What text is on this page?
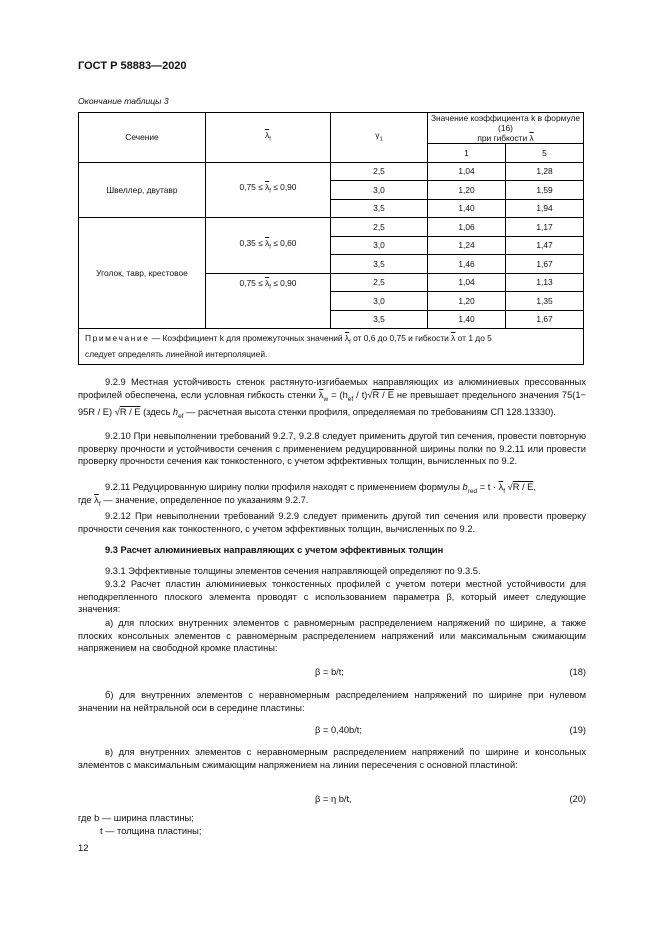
ГОСТ Р 58883—2020
Окончание таблицы 3
Сечение	$\overline{\lambda}_f$	$\gamma_1$	Значение коэффициента k в формуле (16)
при гибкости $\overline{\lambda}$
			1	5
Швеллер, двутавр	$0,75 \le \overline{\lambda}_f \le 0,90$	2,5	1,04	1,28
		3,0	1,20	1,59
		3,5	1,40	1,94
Уголок, тавр, крестовое	$0,35 \le \overline{\lambda}_f \le 0,60$	2,5	1,06	1,17
		3,0	1,24	1,47
		3,5	1,46	1,67
	$0,75 \le \overline{\lambda}_f \le 0,90$	2,5	1,04	1,13
		3,0	1,20	1,35
		3,5	1,40	1,67
Примечание — Коэффициент k для промежуточных значений $\overline{\lambda}_f$ от 0,6 до 0,75 и гибкости $\overline{\lambda}$ от 1 до 5
следует определять линейной интерполяцией.				
9.2.9 Местная устойчивость стенок растянуто-изгибаемых направляющих из алюминиевых прессованных профилей обеспечена, если условная гибкость стенки $\overline{\lambda}_w = (h_{ef} / t)√R / E$ не превышает предельного значения 75(1− 95R / E) √R / E (здесь $h_{ef}$ — расчетная высота стенки профиля, определяемая по требованиям СП 128.13330).
9.2.10 При невыполнении требований 9.2.7, 9.2.8 следует применить другой тип сечения, провести повторную проверку прочности и устойчивости сечения с применением редуцированной ширины полки по 9.2.11 или провести проверку прочности сечения как тонкостенного, с учетом эффективных толщин, вычисленных по 9.2.
9.2.11 Редуцированную ширину полки профиля находят с применением формулы $b_{red} = t \cdot \overline{\lambda}_f$ √R / E,
где $\overline{\lambda}_f$ — значение, определенное по указаниям 9.2.7.
9.2.12 При невыполнении требований 9.2.9 следует применить другой тип сечения или провести проверку прочности сечения как тонкостенного, с учетом эффективных толщин, вычисленных по 9.2.
9.3 Расчет алюминиевых направляющих с учетом эффективных толщин
9.3.1 Эффективные толщины элементов сечения направляющей определяют по 9.3.5.
9.3.2 Расчет пластин алюминиевых тонкостенных профилей с учетом потери местной устойчивости для неподкрепленного плоского элемента проводят с использованием параметра β, который имеет следующие значения:
а) для плоских внутренних элементов с равномерным распределением напряжений по ширине, а также плоских консольных элементов с равномерным распределением напряжений или максимальным сжимающим напряжением на свободной кромке пластины:
β = b/t;	(18)
б) для внутренних элементов с неравномерным распределением напряжений по ширине при нулевом значении на нейтральной оси в середине пластины:
β = 0,40b/t;	(19)
в) для внутренних элементов с неравномерным распределением напряжений по ширине и консольных элементов с максимальным сжимающим напряжением на линии пересечения с основной пластиной:
β = η b/t,	(20)
где b — ширина пластины;
t — толщина пластины;
12
